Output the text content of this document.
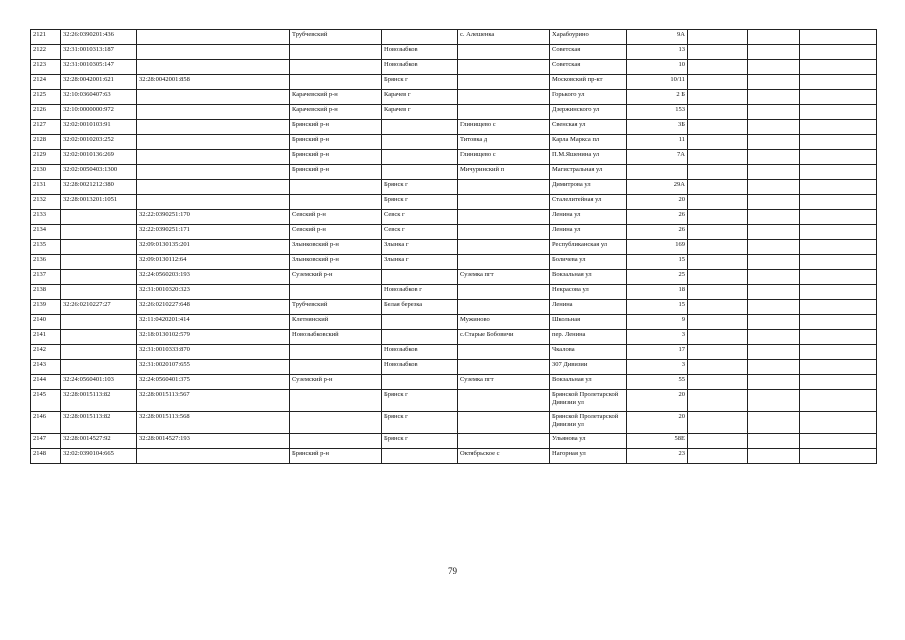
2121	32:26:0390201:436		Трубчевский		с. Алешенка	Харабоурино	9А			
2122	32:31:0010313:187			Новозыбков		Советская	13			
2123	32:31:0010305:147			Новозыбков		Советская	10			
2124	32:28:0042001:621	32:28:0042001:858		Брянск г		Московский пр-кт	10/11			
2125	32:10:0360407:63		Карачевский р-н	Карачев г		Горького ул	2 Б			
2126	32:10:0000000:972		Карачевский р-н	Карачев г		Дзержинского ул	153			
2127	32:02:0010103:91		Брянский р-н		Глинищево с	Свенская ул	3Б			
2128	32:02:0010203:252		Брянский р-н		Титовка д	Карла Маркса пл	11			
2129	32:02:0010136:269		Брянский р-н		Глинищево с	П.М.Яшенина ул	7А			
2130	32:02:0050403:1300		Брянский р-н		Мичуринский п	Магистральная ул				
2131	32:28:0021212:380			Брянск г		Димитрова ул	29А			
2132	32:28:0013201:1051			Брянск г		Сталелитейная ул	20			
2133		32:22:0390251:170	Севский р-н	Севск г		Ленина ул	26			
2134		32:22:0390251:171	Севский р-н	Севск г		Ленина ул	26			
2135		32:09:0130135:201	Злынковский р-н	Злынка г		Республиканская ул	169			
2136		32:09:0130112:64	Злынковский р-н	Злынка г		Боличева ул	15			
2137		32:24:0560203:193	Суземский р-н		Суземка пгт	Вокзальная ул	25			
2138		32:31:0010320:323		Новозыбков г		Некрасова ул	18			
2139	32:26:0210227:27	32:26:0210227:648	Трубчевский	Белая березка		Ленина	15			
2140		32:11:0420201:414	Клетнянский		Мужиново	Школьная	9			
2141		32:18:0130102:579	Новозыбковский		с.Старые Бобовичи	пер. Ленина	3			
2142		32:31:0010333:870		Новозыбков		Чкалова	17			
2143		32:31:0020107:655		Новозыбков		307 Дивизии	3			
2144	32:24:0560401:103	32:24:0560401:375	Суземский р-н		Суземка пгт	Вокзальная ул	55			
2145	32:28:0015113:82	32:28:0015113:567		Брянск г		Брянской Пролетарской Дивизии ул	20			
2146	32:28:0015113:82	32:28:0015113:568		Брянск г		Брянской Пролетарской Дивизии ул	20			
2147	32:28:0014527:92	32:28:0014527:193		Брянск г		Ульянова ул	58Е			
2148	32:02:0390104:665		Брянский р-н		Октябрьское с	Нагорная ул	23			
79
